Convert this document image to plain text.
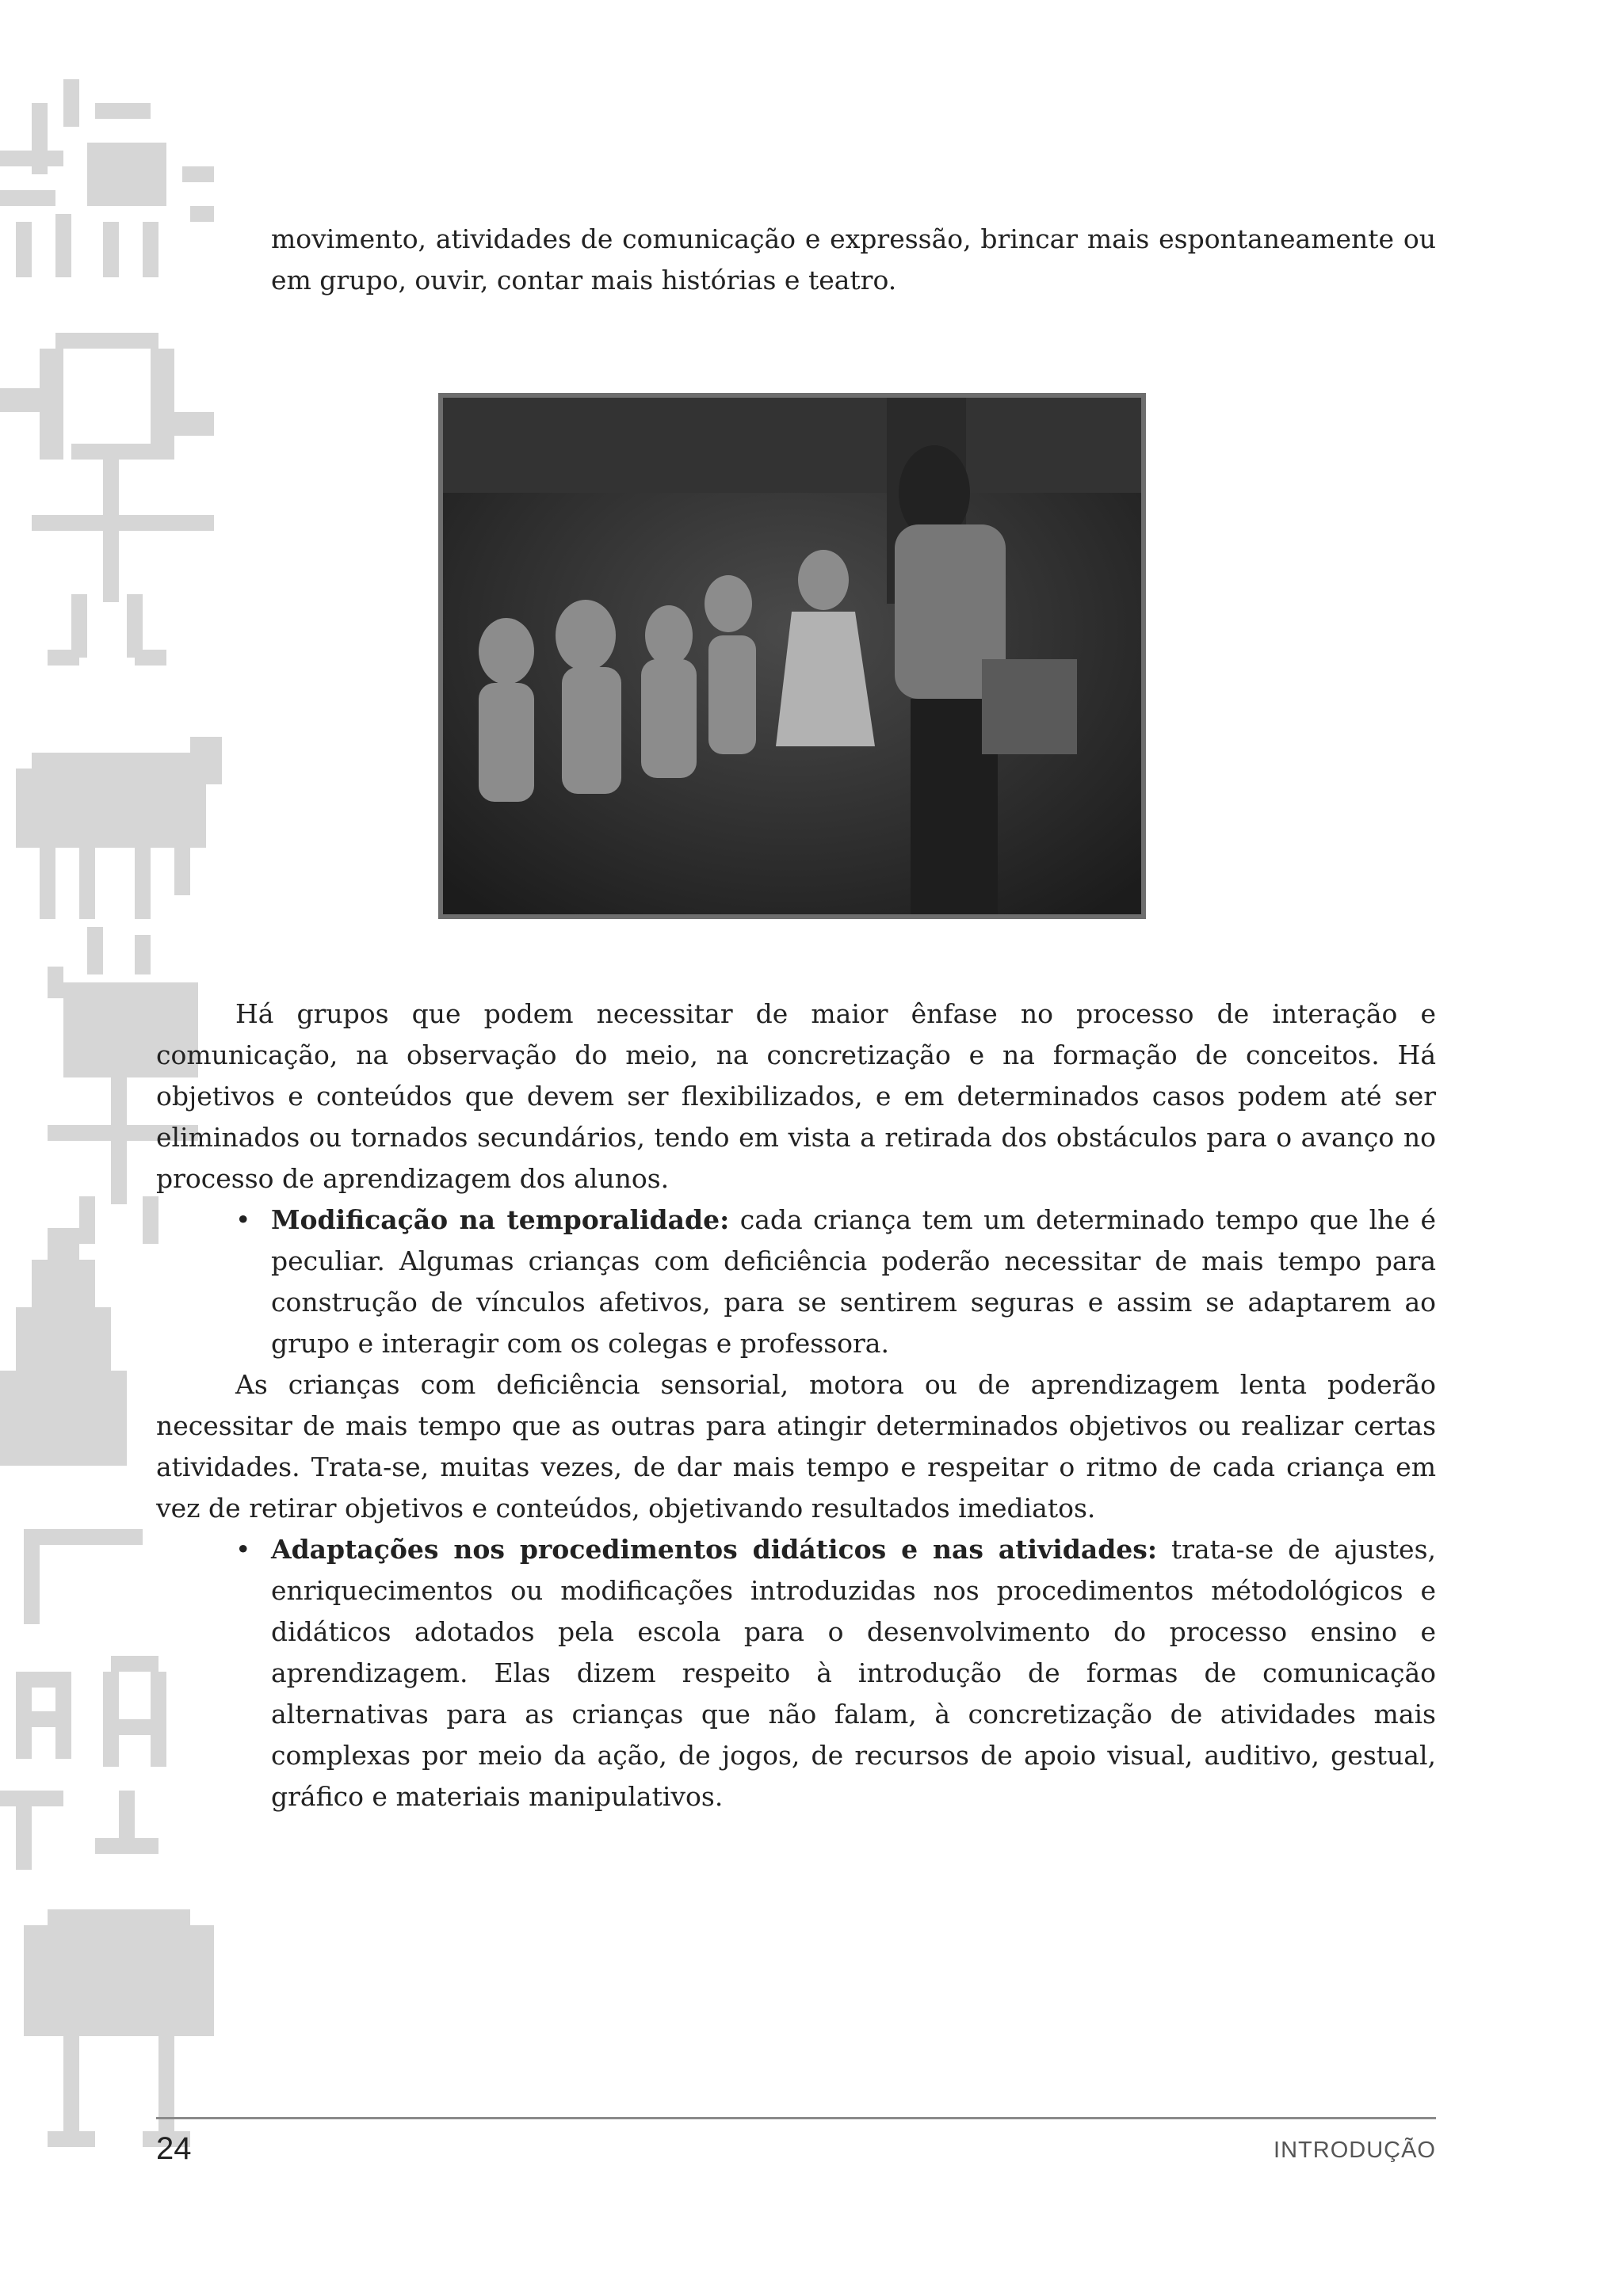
movimento, atividades de comunicação e expressão, brincar mais espontaneamente ou em grupo, ouvir, contar mais histórias e teatro.

Há grupos que podem necessitar de maior ênfase no processo de interação e comunicação, na observação do meio, na concretização e na formação de conceitos. Há objetivos e conteúdos que devem ser flexibilizados, e em determinados casos podem até ser eliminados ou tornados secundários, tendo em vista a retirada dos obstáculos para o avanço no processo de aprendizagem dos alunos.

• Modificação na temporalidade: cada criança tem um determinado tempo que lhe é peculiar. Algumas crianças com deficiência poderão necessitar de mais tempo para construção de vínculos afetivos, para se sentirem seguras e assim se adaptarem ao grupo e interagir com os colegas e professora.

As crianças com deficiência sensorial, motora ou de aprendizagem lenta poderão necessitar de mais tempo que as outras para atingir determinados objetivos ou realizar certas atividades. Trata-se, muitas vezes, de dar mais tempo e respeitar o ritmo de cada criança em vez de retirar objetivos e conteúdos, objetivando resultados imediatos.

• Adaptações nos procedimentos didáticos e nas atividades: trata-se de ajustes, enriquecimentos ou modificações introduzidas nos procedimentos métodológicos e didáticos adotados pela escola para o desenvolvimento do processo ensino e aprendizagem. Elas dizem respeito à introdução de formas de comunicação alternativas para as crianças que não falam, à concretização de atividades mais complexas por meio da ação, de jogos, de recursos de apoio visual, auditivo, gestual, gráfico e materiais manipulativos.

24	INTRODUÇÃO
